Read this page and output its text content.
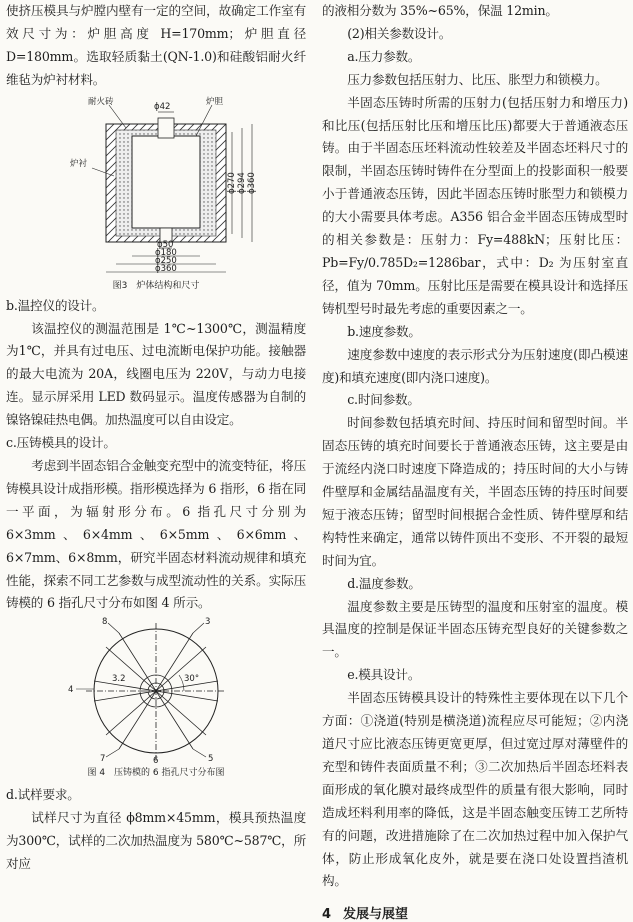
使挤压模具与炉膛内壁有一定的空间，故确定工作室有效尺寸为：炉胆高度 H=170mm；炉胆直径 D=180mm。选取轻质黏土(QN-1.0)和硅酸铝耐火纤维毡为炉衬材料。

耐火砖	炉胆
炉衬
ϕ42
ϕ270 ϕ294 ϕ360
ϕ50
ϕ180
ϕ250
ϕ360
图3　炉体结构和尺寸

b.温控仪的设计。

该温控仪的测温范围是 1℃~1300℃，测温精度为1℃，并具有过电压、过电流断电保护功能。接触器的最大电流为 20A，线圈电压为 220V，与动力电接连。显示屏采用 LED 数码显示。温度传感器为自制的镍铬镍硅热电偶。加热温度可以自由设定。

c.压铸模具的设计。

考虑到半固态铝合金触变充型中的流变特征，将压铸模具设计成指形模。指形模选择为 6 指形，6 指在同一平面，为辐射形分布。6 指孔尺寸分别为 6×3mm、6×4mm、6×5mm、6×6mm、6×7mm、6×8mm，研究半固态材料流动规律和填充性能，探索不同工艺参数与成型流动性的关系。实际压铸模的 6 指孔尺寸分布如图 4 所示。

8	3
4
7	6	5
30°
3.2
图 4　压铸模的 6 指孔尺寸分布图

d.试样要求。

试样尺寸为直径 ϕ8mm×45mm，模具预热温度为300℃，试样的二次加热温度为 580℃~587℃，所对应

的液相分数为 35%~65%，保温 12min。

(2)相关参数设计。

a.压力参数。

压力参数包括压射力、比压、胀型力和锁模力。

半固态压铸时所需的压射力(包括压射力和增压力)和比压(包括压射比压和增压比压)都要大于普通液态压铸。由于半固态压坯料流动性较差及半固态坯料尺寸的限制，半固态压铸时铸件在分型面上的投影面积一般要小于普通液态压铸，因此半固态压铸时胀型力和锁模力的大小需要具体考虑。A356 铝合金半固态压铸成型时的相关参数是：压射力：Fy=488kN；压射比压：Pb=Fy/0.785D₂=1286bar，式中：D₂ 为压射室直径，值为 70mm。压射比压是需要在模具设计和选择压铸机型号时最先考虑的重要因素之一。

b.速度参数。

速度参数中速度的表示形式分为压射速度(即凸模速度)和填充速度(即内浇口速度)。

c.时间参数。

时间参数包括填充时间、持压时间和留型时间。半固态压铸的填充时间要长于普通液态压铸，这主要是由于流经内浇口时速度下降造成的；持压时间的大小与铸件壁厚和金属结晶温度有关，半固态压铸的持压时间要短于液态压铸；留型时间根据合金性质、铸件壁厚和结构特性来确定，通常以铸件顶出不变形、不开裂的最短时间为宜。

d.温度参数。

温度参数主要是压铸型的温度和压射室的温度。模具温度的控制是保证半固态压铸充型良好的关键参数之一。

e.模具设计。

半固态压铸模具设计的特殊性主要体现在以下几个方面：①浇道(特别是横浇道)流程应尽可能短；②内浇道尺寸应比液态压铸更宽更厚，但过宽过厚对薄壁件的充型和铸件表面质量不利；③二次加热后半固态坯料表面形成的氧化膜对最终成型件的质量有很大影响，同时造成坯料利用率的降低，这是半固态触变压铸工艺所特有的问题，改进措施除了在二次加热过程中加入保护气体，防止形成氧化皮外，就是要在浇口处设置挡渣机构。

4 发展与展望
